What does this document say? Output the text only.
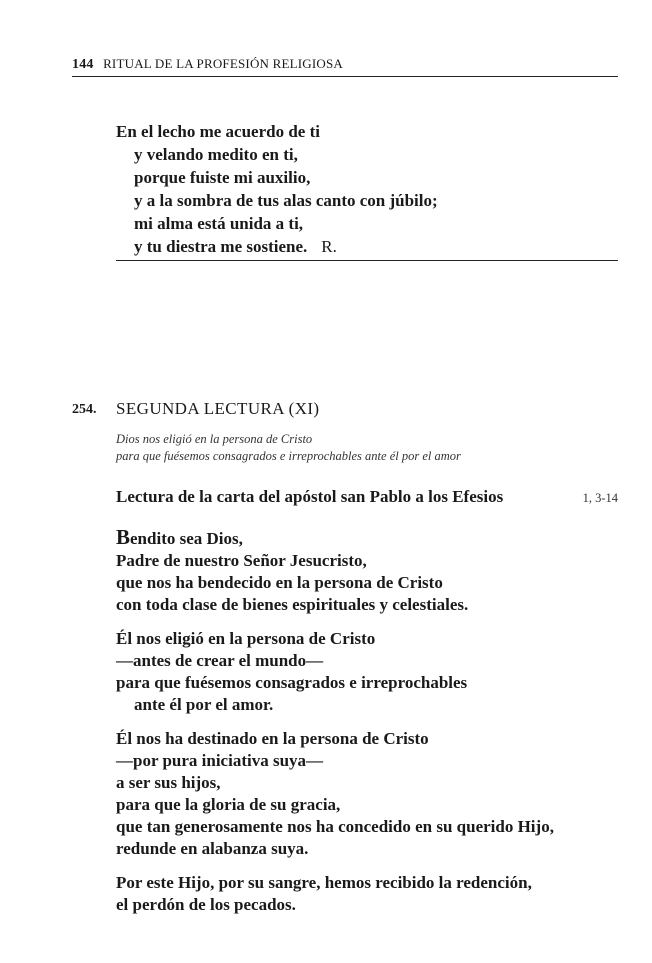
144 RITUAL DE LA PROFESIÓN RELIGIOSA
En el lecho me acuerdo de ti
y velando medito en ti,
porque fuiste mi auxilio,
y a la sombra de tus alas canto con júbilo;
mi alma está unida a ti,
y tu diestra me sostiene. R.
254. SEGUNDA LECTURA (XI)
Dios nos eligió en la persona de Cristo
para que fuésemos consagrados e irreprochables ante él por el amor
Lectura de la carta del apóstol san Pablo a los Efesios	1, 3-14
Bendito sea Dios,
Padre de nuestro Señor Jesucristo,
que nos ha bendecido en la persona de Cristo
con toda clase de bienes espirituales y celestiales.
Él nos eligió en la persona de Cristo
—antes de crear el mundo—
para que fuésemos consagrados e irreprochables
ante él por el amor.
Él nos ha destinado en la persona de Cristo
—por pura iniciativa suya—
a ser sus hijos,
para que la gloria de su gracia,
que tan generosamente nos ha concedido en su querido Hijo,
redunde en alabanza suya.
Por este Hijo, por su sangre, hemos recibido la redención,
el perdón de los pecados.
